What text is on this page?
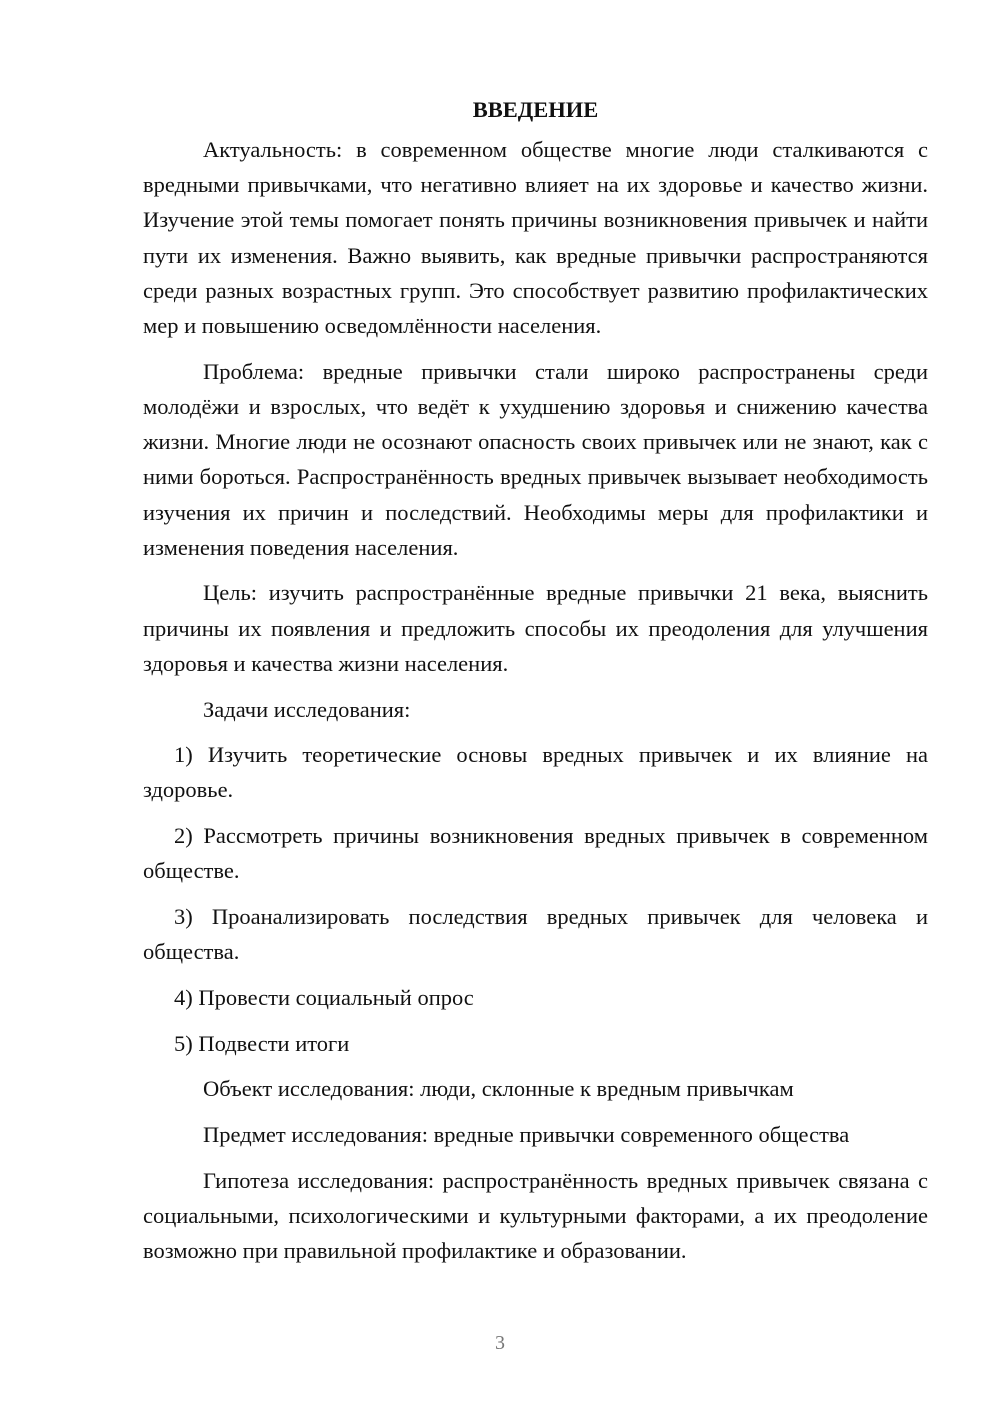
ВВЕДЕНИЕ

Актуальность: в современном обществе многие люди сталкиваются с вредными привычками, что негативно влияет на их здоровье и качество жизни. Изучение этой темы помогает понять причины возникновения привычек и найти пути их изменения. Важно выявить, как вредные привычки распространяются среди разных возрастных групп. Это способствует развитию профилактических мер и повышению осведомлённости населения.

Проблема: вредные привычки стали широко распространены среди молодёжи и взрослых, что ведёт к ухудшению здоровья и снижению качества жизни. Многие люди не осознают опасность своих привычек или не знают, как с ними бороться. Распространённость вредных привычек вызывает необходимость изучения их причин и последствий. Необходимы меры для профилактики и изменения поведения населения.

Цель: изучить распространённые вредные привычки 21 века, выяснить причины их появления и предложить способы их преодоления для улучшения здоровья и качества жизни населения.

Задачи исследования:

1) Изучить теоретические основы вредных привычек и их влияние на здоровье.

2) Рассмотреть причины возникновения вредных привычек в современном обществе.

3) Проанализировать последствия вредных привычек для человека и общества.

4) Провести социальный опрос

5) Подвести итоги

Объект исследования: люди, склонные к вредным привычкам

Предмет исследования: вредные привычки современного общества

Гипотеза исследования: распространённость вредных привычек связана с социальными, психологическими и культурными факторами, а их преодоление возможно при правильной профилактике и образовании.

3
